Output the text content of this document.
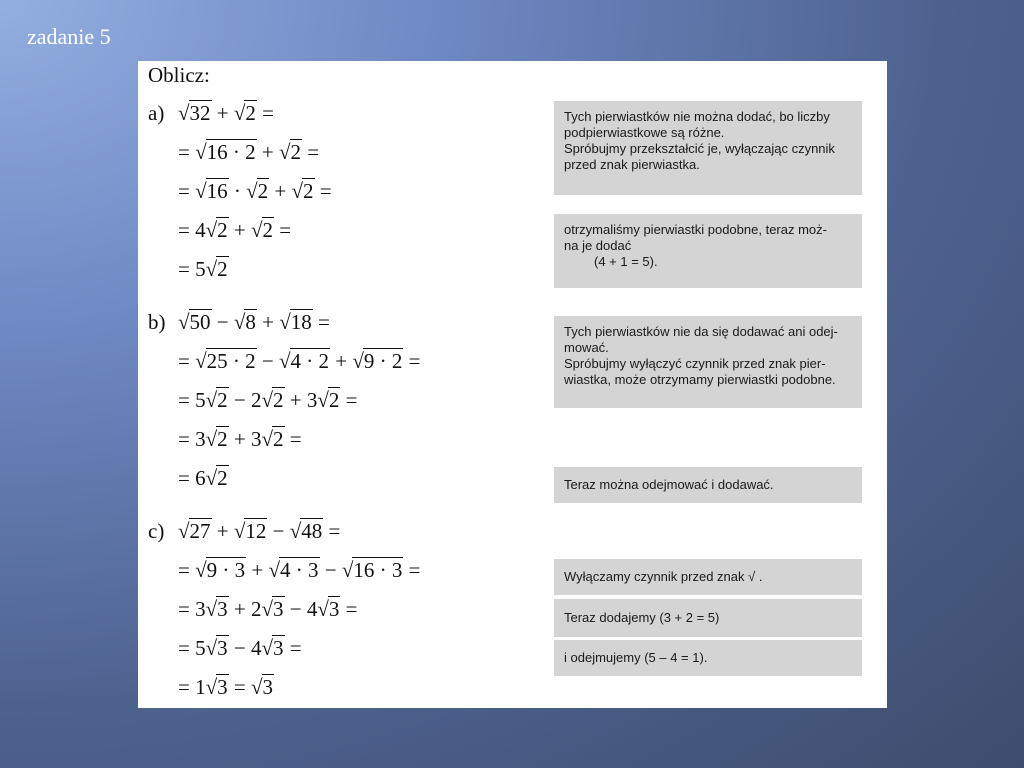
zadanie 5
Oblicz:
a) √32 + √2 =
= √16 · 2 + √2 =
= √16 · √2 + √2 =
= 4√2 + √2 =
= 5√2
Tych pierwiastków nie można dodać, bo liczby
podpierwiastkowe są różne.
Spróbujmy przekształcić je, wyłączając czynnik
przed znak pierwiastka.
otrzymaliśmy pierwiastki podobne, teraz moż-
na je dodać
(4 + 1 = 5).
b) √50 − √8 + √18 =
= √25 · 2 − √4 · 2 + √9 · 2 =
= 5√2 − 2√2 + 3√2 =
= 3√2 + 3√2 =
= 6√2
Tych pierwiastków nie da się dodawać ani odej-
mować.
Spróbujmy wyłączyć czynnik przed znak pier-
wiastka, może otrzymamy pierwiastki podobne.
Teraz można odejmować i dodawać.
c) √27 + √12 − √48 =
= √9 · 3 + √4 · 3 − √16 · 3 =
= 3√3 + 2√3 − 4√3 =
= 5√3 − 4√3 =
= 1√3 = √3
Wyłączamy czynnik przed znak √ .
Teraz dodajemy (3 + 2 = 5)
i odejmujemy (5 – 4 = 1).
